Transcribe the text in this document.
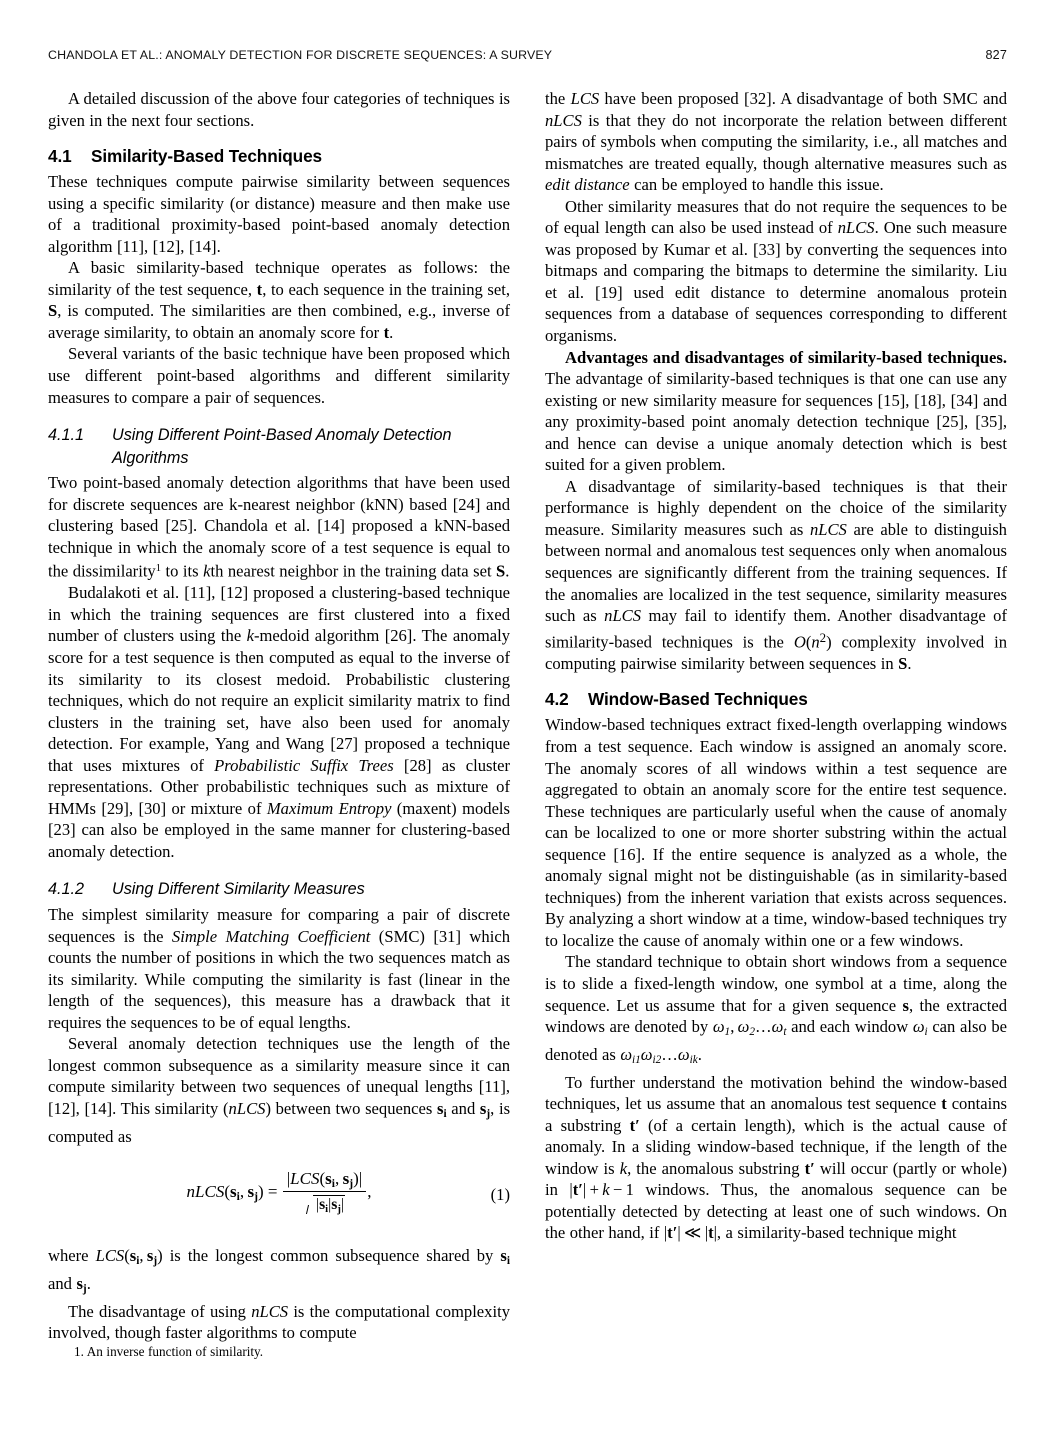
CHANDOLA ET AL.: ANOMALY DETECTION FOR DISCRETE SEQUENCES: A SURVEY	827

A detailed discussion of the above four categories of techniques is given in the next four sections.

4.1 Similarity-Based Techniques

These techniques compute pairwise similarity between sequences using a specific similarity (or distance) measure and then make use of a traditional proximity-based point-based anomaly detection algorithm [11], [12], [14].

A basic similarity-based technique operates as follows: the similarity of the test sequence, t, to each sequence in the training set, S, is computed. The similarities are then combined, e.g., inverse of average similarity, to obtain an anomaly score for t.

Several variants of the basic technique have been proposed which use different point-based algorithms and different similarity measures to compare a pair of sequences.

4.1.1 Using Different Point-Based Anomaly Detection Algorithms

Two point-based anomaly detection algorithms that have been used for discrete sequences are k-nearest neighbor (kNN) based [24] and clustering based [25]. Chandola et al. [14] proposed a kNN-based technique in which the anomaly score of a test sequence is equal to the dissimilarity$^1$ to its kth nearest neighbor in the training data set S.

Budalakoti et al. [11], [12] proposed a clustering-based technique in which the training sequences are first clustered into a fixed number of clusters using the k-medoid algorithm [26]. The anomaly score for a test sequence is then computed as equal to the inverse of its similarity to its closest medoid. Probabilistic clustering techniques, which do not require an explicit similarity matrix to find clusters in the training set, have also been used for anomaly detection. For example, Yang and Wang [27] proposed a technique that uses mixtures of Probabilistic Suffix Trees [28] as cluster representations. Other probabilistic techniques such as mixture of HMMs [29], [30] or mixture of Maximum Entropy (maxent) models [23] can also be employed in the same manner for clustering-based anomaly detection.

4.1.2 Using Different Similarity Measures

The simplest similarity measure for comparing a pair of discrete sequences is the Simple Matching Coefficient (SMC) [31] which counts the number of positions in which the two sequences match as its similarity. While computing the similarity is fast (linear in the length of the sequences), this measure has a drawback that it requires the sequences to be of equal lengths.

Several anomaly detection techniques use the length of the longest common subsequence as a similarity measure since it can compute similarity between two sequences of unequal lengths [11], [12], [14]. This similarity (nLCS) between two sequences $s_i$ and $s_j$, is computed as

$nLCS(s_i$, $s_j) = \frac{|LCS(s_i, s_j)|}{|s_i|s_j|}$ ,	(1)

where $LCS(s_i$, $s_j$) is the longest common subsequence shared by $s_i$ and $s_j$.

The disadvantage of using nLCS is the computational complexity involved, though faster algorithms to compute

1. An inverse function of similarity.

the LCS have been proposed [32]. A disadvantage of both SMC and nLCS is that they do not incorporate the relation between different pairs of symbols when computing the similarity, i.e., all matches and mismatches are treated equally, though alternative measures such as edit distance can be employed to handle this issue.

Other similarity measures that do not require the sequences to be of equal length can also be used instead of nLCS. One such measure was proposed by Kumar et al. [33] by converting the sequences into bitmaps and comparing the bitmaps to determine the similarity. Liu et al. [19] used edit distance to determine anomalous protein sequences from a database of sequences corresponding to different organisms.

Advantages and disadvantages of similarity-based techniques. The advantage of similarity-based techniques is that one can use any existing or new similarity measure for sequences [15], [18], [34] and any proximity-based point anomaly detection technique [25], [35], and hence can devise a unique anomaly detection which is best suited for a given problem.

A disadvantage of similarity-based techniques is that their performance is highly dependent on the choice of the similarity measure. Similarity measures such as nLCS are able to distinguish between normal and anomalous test sequences only when anomalous sequences are significantly different from the training sequences. If the anomalies are localized in the test sequence, similarity measures such as nLCS may fail to identify them. Another disadvantage of similarity-based techniques is the $O(n^2)$ complexity involved in computing pairwise similarity between sequences in S.

4.2 Window-Based Techniques

Window-based techniques extract fixed-length overlapping windows from a test sequence. Each window is assigned an anomaly score. The anomaly scores of all windows within a test sequence are aggregated to obtain an anomaly score for the entire test sequence. These techniques are particularly useful when the cause of anomaly can be localized to one or more shorter substring within the actual sequence [16]. If the entire sequence is analyzed as a whole, the anomaly signal might not be distinguishable (as in similarity-based techniques) from the inherent variation that exists across sequences. By analyzing a short window at a time, window-based techniques try to localize the cause of anomaly within one or a few windows.

The standard technique to obtain short windows from a sequence is to slide a fixed-length window, one symbol at a time, along the sequence. Let us assume that for a given sequence s, the extracted windows are denoted by $\omega_1$, $\omega_2\dots\omega_t$ and each window $\omega_i$ can also be denoted as $\omega_{i1}\omega_{i2}\dots\omega_{ik}$.

To further understand the motivation behind the window-based techniques, let us assume that an anomalous test sequence t contains a substring t′ (of a certain length), which is the actual cause of anomaly. In a sliding window-based technique, if the length of the window is k, the anomalous substring t′ will occur (partly or whole) in |t′|  +  k  −  1 windows. Thus, the anomalous sequence can be potentially detected by detecting at least one of such windows. On the other hand, if |t′|  ≪  |t|, a similarity-based technique might
